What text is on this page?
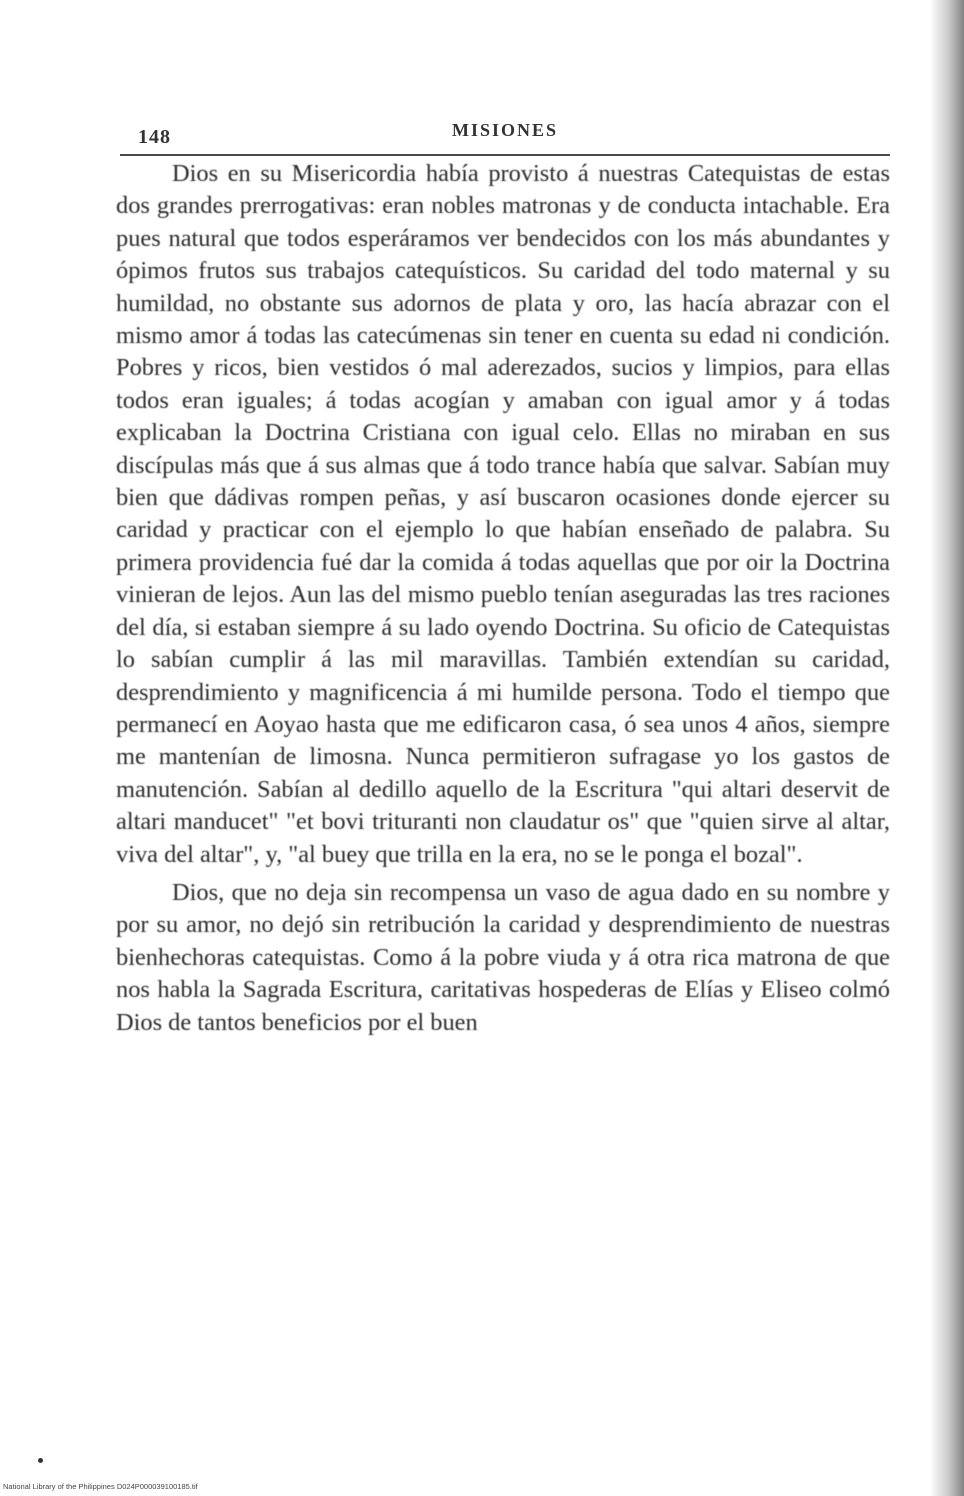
148	MISIONES

Dios en su Misericordia había provisto á nuestras Catequistas de estas dos grandes prerrogativas: eran nobles matronas y de conducta intachable. Era pues natural que todos esperáramos ver bendecidos con los más abundantes y ópimos frutos sus trabajos catequísticos. Su caridad del todo maternal y su humildad, no obstante sus adornos de plata y oro, las hacía abrazar con el mismo amor á todas las catecúmenas sin tener en cuenta su edad ni condición. Pobres y ricos, bien vestidos ó mal aderezados, sucios y limpios, para ellas todos eran iguales; á todas acogían y amaban con igual amor y á todas explicaban la Doctrina Cristiana con igual celo. Ellas no miraban en sus discípulas más que á sus almas que á todo trance había que salvar. Sabían muy bien que dádivas rompen peñas, y así buscaron ocasiones donde ejercer su caridad y practicar con el ejemplo lo que habían enseñado de palabra. Su primera providencia fué dar la comida á todas aquellas que por oir la Doctrina vinieran de lejos. Aun las del mismo pueblo tenían aseguradas las tres raciones del día, si estaban siempre á su lado oyendo Doctrina. Su oficio de Catequistas lo sabían cumplir á las mil maravillas. También extendían su caridad, desprendimiento y magnificencia á mi humilde persona. Todo el tiempo que permanecí en Aoyao hasta que me edificaron casa, ó sea unos 4 años, siempre me mantenían de limosna. Nunca permitieron sufragase yo los gastos de manutención. Sabían al dedillo aquello de la Escritura "qui altari deservit de altari manducet" "et bovi trituranti non claudatur os" que "quien sirve al altar, viva del altar", y, "al buey que trilla en la era, no se le ponga el bozal".

Dios, que no deja sin recompensa un vaso de agua dado en su nombre y por su amor, no dejó sin retribución la caridad y desprendimiento de nuestras bienhechoras catequistas. Como á la pobre viuda y á otra rica matrona de que nos habla la Sagrada Escritura, caritativas hospederas de Elías y Eliseo colmó Dios de tantos beneficios por el buen

National Library of the Philippines D024P000039100185.tif
